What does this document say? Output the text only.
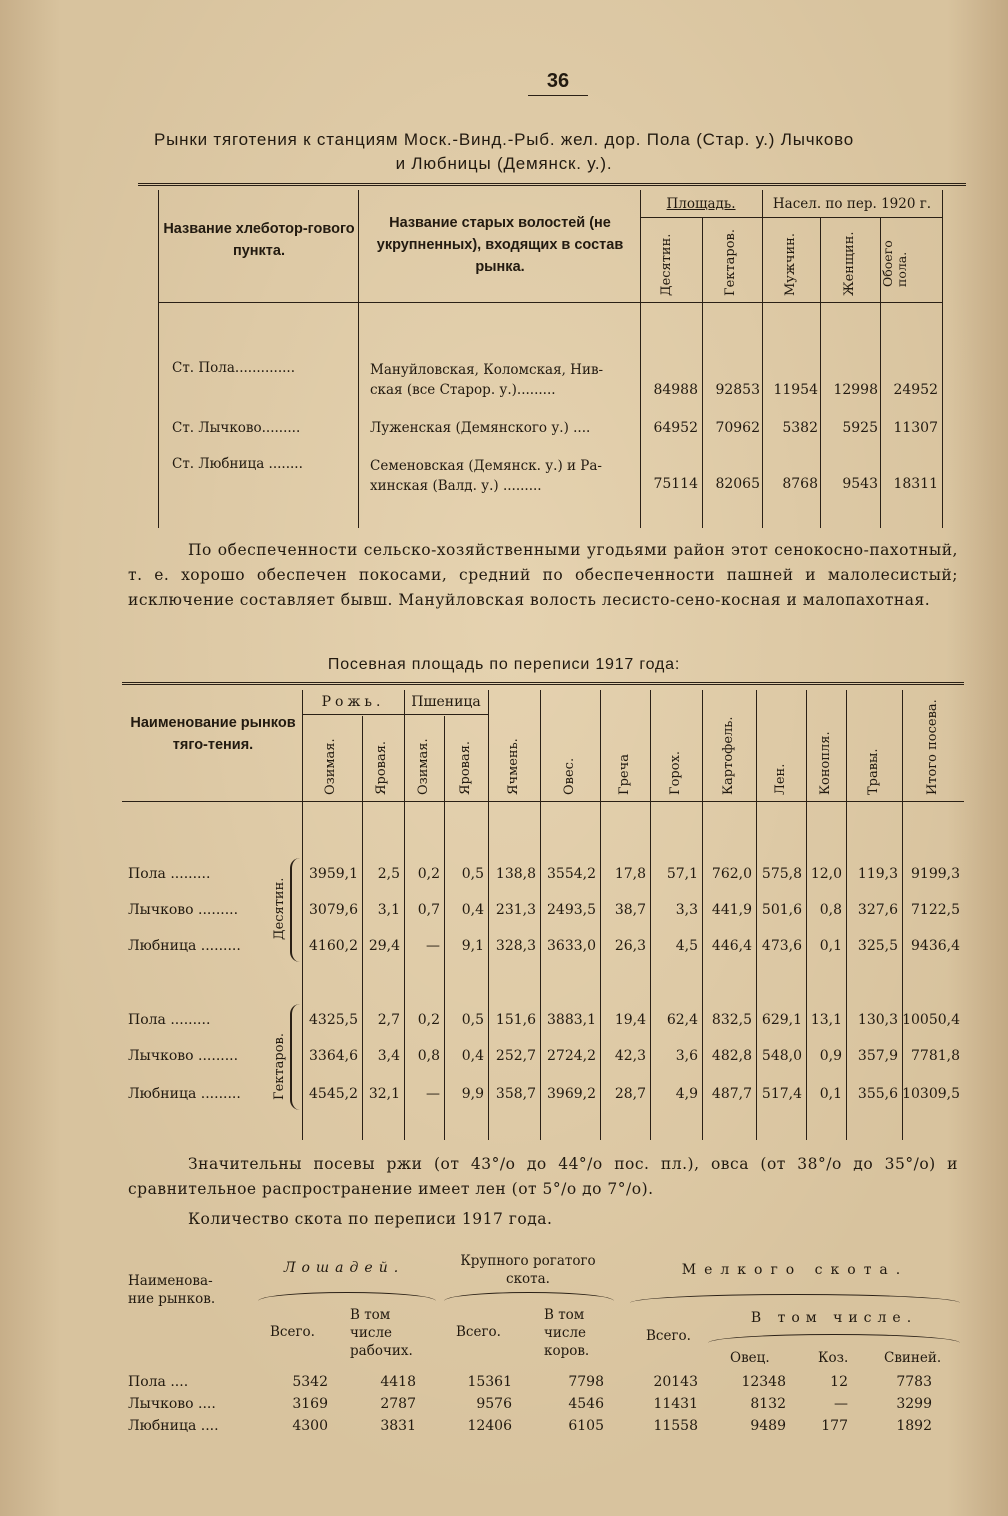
36
Рынки тяготения к станциям Моск.-Винд.-Рыб. жел. дор. Пола (Стар. у.) Лычково
и Любницы (Демянск. у.).
Название хлеботор-гового пункта.
Название старых волостей (не укрупненных), входящих в состав рынка.
Площадь.	Насел. по пер. 1920 г.
Десятин.	Гектаров.	Мужчин.	Женщин. Обоего пола.
Ст. Пола..............	Мануйловская, Коломская, Нив-
ская (все Старор. у.).........	84988	92853 11954	12998	24952
Ст. Лычково.........	Луженская (Демянского у.) ....	64952	70962	5382	5925	11307
Ст. Любница ........	Семеновская (Демянск. у.) и Ра-
хинская (Валд. у.) .........	75114	82065	8768	9543	18311
По обеспеченности сельско-хозяйственными угодьями район этот сенокосно-пахотный, т. е. хорошо обеспечен покосами, средний по обеспеченности пашней и малолесистый; исключение составляет бывш. Мануйловская волость лесисто-сено-косная и малопахотная.
Посевная площадь по переписи 1917 года:
Наименование рынков тяго-тения.
Рожь.	Пшеница
Озимая.	Яровая. Озимая. Яровая.	Ячмень.	Овес.	Греча	Горох.	Картофель.	Лен. Конопля.	Травы.	Итого посева.
Десятин.
Гектаров.
Пола .........	3959,1	2,5	0,2	0,5 138,8 3554,2	17,8	57,1 762,0 575,8 12,0	119,3 9199,3
Лычково .........	3079,6	3,1	0,7	0,4 231,3 2493,5	38,7	3,3 441,9 501,6	0,8	327,6 7122,5
Любница .........	4160,2 29,4	—	9,1 328,3 3633,0	26,3	4,5 446,4 473,6	0,1	325,5 9436,4
Пола .........	4325,5	2,7	0,2	0,5 151,6 3883,1	19,4	62,4 832,5 629,1 13,1	130,3 10050,4
Лычково .........	3364,6	3,4	0,8	0,4 252,7 2724,2	42,3	3,6 482,8 548,0	0,9	357,9 7781,8
Любница .........	4545,2 32,1	—	9,9 358,7 3969,2	28,7	4,9 487,7 517,4	0,1	355,6 10309,5
Значительны посевы ржи (от 43°/о до 44°/о пос. пл.), овса (от 38°/о до 35°/о) и сравнительное распространение имеет лен (от 5°/о до 7°/о).
Количество скота по переписи 1917 года.
Наименова-ние рынков.
Лошадей.
Всего.
В том числе рабочих.
Крупного рогатого скота.
Всего.
В том числе коров.
Мелкого скота.
Всего.
В том числе.
Овец.	Коз.	Свиней.
Пола ....	5342	4418	15361	7798	20143	12348	12	7783
Лычково ....	3169	2787	9576	4546	11431	8132	—	3299
Любница ....	4300	3831	12406	6105	11558	9489	177	1892
